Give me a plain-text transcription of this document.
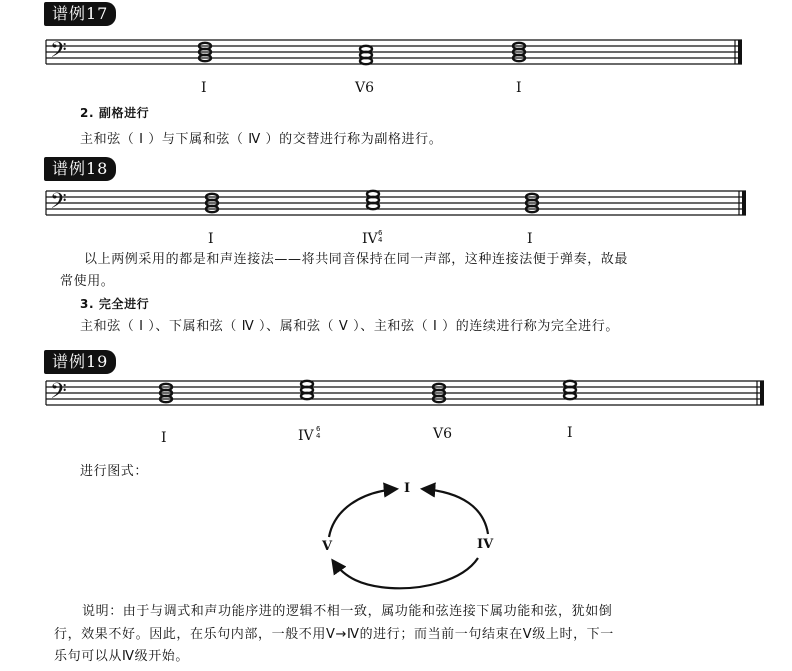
谱例17
𝄢
I	V6	I
2. 副格进行
主和弦（ Ⅰ ）与下属和弦（ Ⅳ ）的交替进行称为副格进行。
谱例18
𝄢
I	IV 6
4	I
以上两例采用的都是和声连接法——将共同音保持在同一声部，这种连接法便于弹奏，故最
常使用。
3. 完全进行
主和弦（ Ⅰ ）、下属和弦（ Ⅳ ）、属和弦（ Ⅴ ）、主和弦（ Ⅰ ）的连续进行称为完全进行。
谱例19
𝄢
I	IV 6
4	V6	I
进行图式：
I
V	IV
说明：由于与调式和声功能序进的逻辑不相一致，属功能和弦连接下属功能和弦，犹如倒
行，效果不好。因此，在乐句内部，一般不用Ⅴ→Ⅳ的进行；而当前一句结束在Ⅴ级上时，下一
乐句可以从Ⅳ级开始。
